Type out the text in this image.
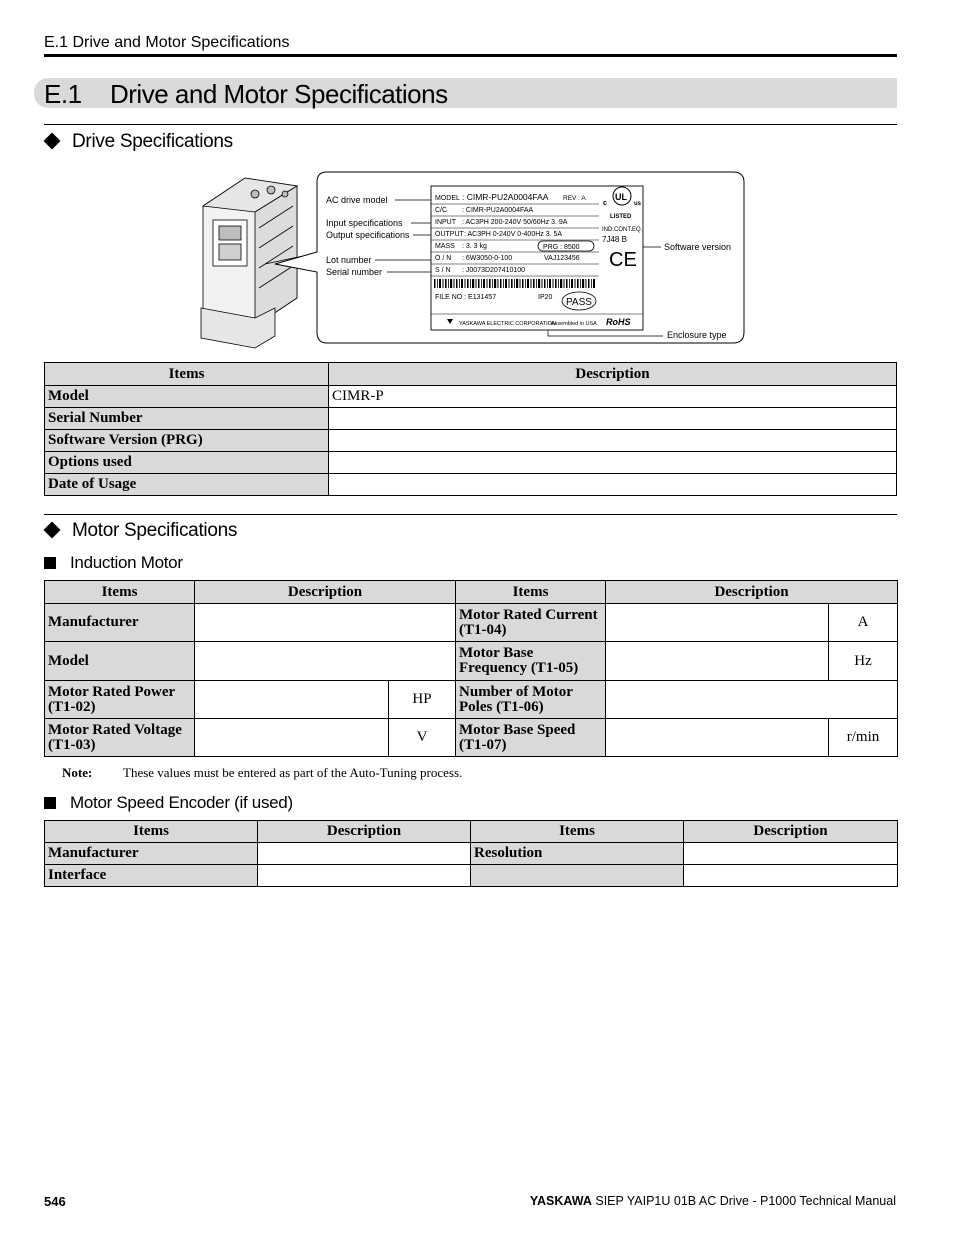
E.1 Drive and Motor Specifications
E.1 Drive and Motor Specifications
Drive Specifications
AC drive model
Input specifications
Output specifications
Lot number
Serial number
Software version
Enclosure type
MODEL : CIMR-PU2A0004FAA REV : A
C/C : CIMR-PU2A0004FAA
INPUT : AC3PH 200-240V 50/60Hz 3. 9A
OUTPUT : AC3PH 0-240V 0-400Hz 3. 5A
MASS : 3. 3 kg	PRG : 8500
O / N : 6W3050-0-100	VAJ123456
S / N : J0073D207410100
FILE NO : E131457	IP20 PASS
YASKAWA ELECTRIC CORPORATION
Assembled in USA RoHS
UL
c	us
LISTED
IND.CONT.EQ.
7J48 B
CE
Items	Description
Model	CIMR-P
Serial Number	
Software Version (PRG)	
Options used	
Date of Usage	
Motor Specifications
Induction Motor
Items	Description		Items	Description	
Manufacturer			Motor Rated Current (T1-04)		A
Model			Motor Base Frequency (T1-05)		Hz
Motor Rated Power (T1-02)		HP	Number of Motor Poles (T1-06)		
Motor Rated Voltage (T1-03)		V	Motor Base Speed (T1-07)		r/min
Note: These values must be entered as part of the Auto-Tuning process.
Motor Speed Encoder (if used)
Items	Description	Items	Description
Manufacturer		Resolution	
Interface			
546	YASKAWA SIEP YAIP1U 01B AC Drive - P1000 Technical Manual
